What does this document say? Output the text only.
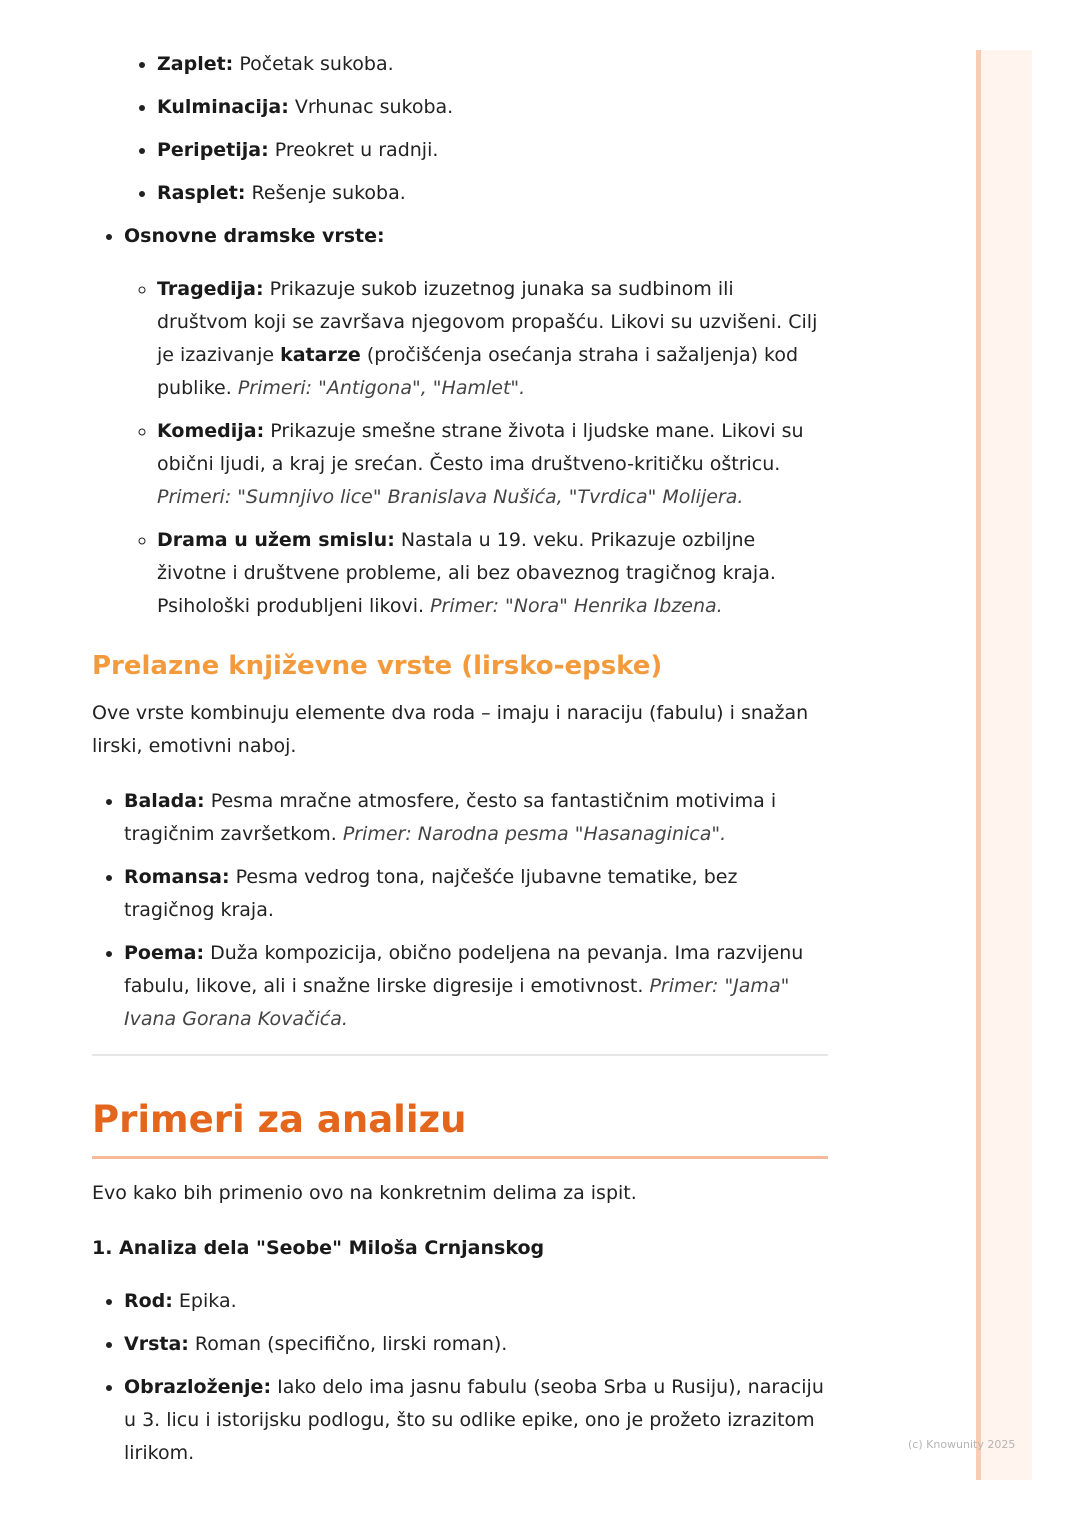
• Zaplet: Početak sukoba.
• Kulminacija: Vrhunac sukoba.
• Peripetija: Preokret u radnji.
• Rasplet: Rešenje sukoba.
• Osnovne dramske vrste:
◦ Tragedija: Prikazuje sukob izuzetnog junaka sa sudbinom ili društvom koji se završava njegovom propašću. Likovi su uzvišeni. Cilj je izazivanje katarze (pročišćenja osećanja straha i sažaljenja) kod publike. Primeri: "Antigona", "Hamlet".
◦ Komedija: Prikazuje smešne strane života i ljudske mane. Likovi su obični ljudi, a kraj je srećan. Često ima društveno-kritičku oštricu. Primeri: "Sumnjivo lice" Branislava Nušića, "Tvrdica" Molijera.
◦ Drama u užem smislu: Nastala u 19. veku. Prikazuje ozbiljne životne i društvene probleme, ali bez obaveznog tragičnog kraja. Psihološki produbljeni likovi. Primer: "Nora" Henrika Ibzena.
Prelazne književne vrste (lirsko-epske)

Ove vrste kombinuju elemente dva roda – imaju i naraciju (fabulu) i snažan lirski, emotivni naboj.

• Balada: Pesma mračne atmosfere, često sa fantastičnim motivima i tragičnim završetkom. Primer: Narodna pesma "Hasanaginica".
• Romansa: Pesma vedrog tona, najčešće ljubavne tematike, bez tragičnog kraja.
• Poema: Duža kompozicija, obično podeljena na pevanja. Ima razvijenu fabulu, likove, ali i snažne lirske digresije i emotivnost. Primer: "Jama" Ivana Gorana Kovačića.
Primeri za analizu

Evo kako bih primenio ovo na konkretnim delima za ispit.

1. Analiza dela "Seobe" Miloša Crnjanskog
• Rod: Epika.
• Vrsta: Roman (specifično, lirski roman).
• Obrazloženje: Iako delo ima jasnu fabulu (seoba Srba u Rusiju), naraciju u 3. licu i istorijsku podlogu, što su odlike epike, ono je prožeto izrazitom lirikom.	(c) Knowunity 2025
